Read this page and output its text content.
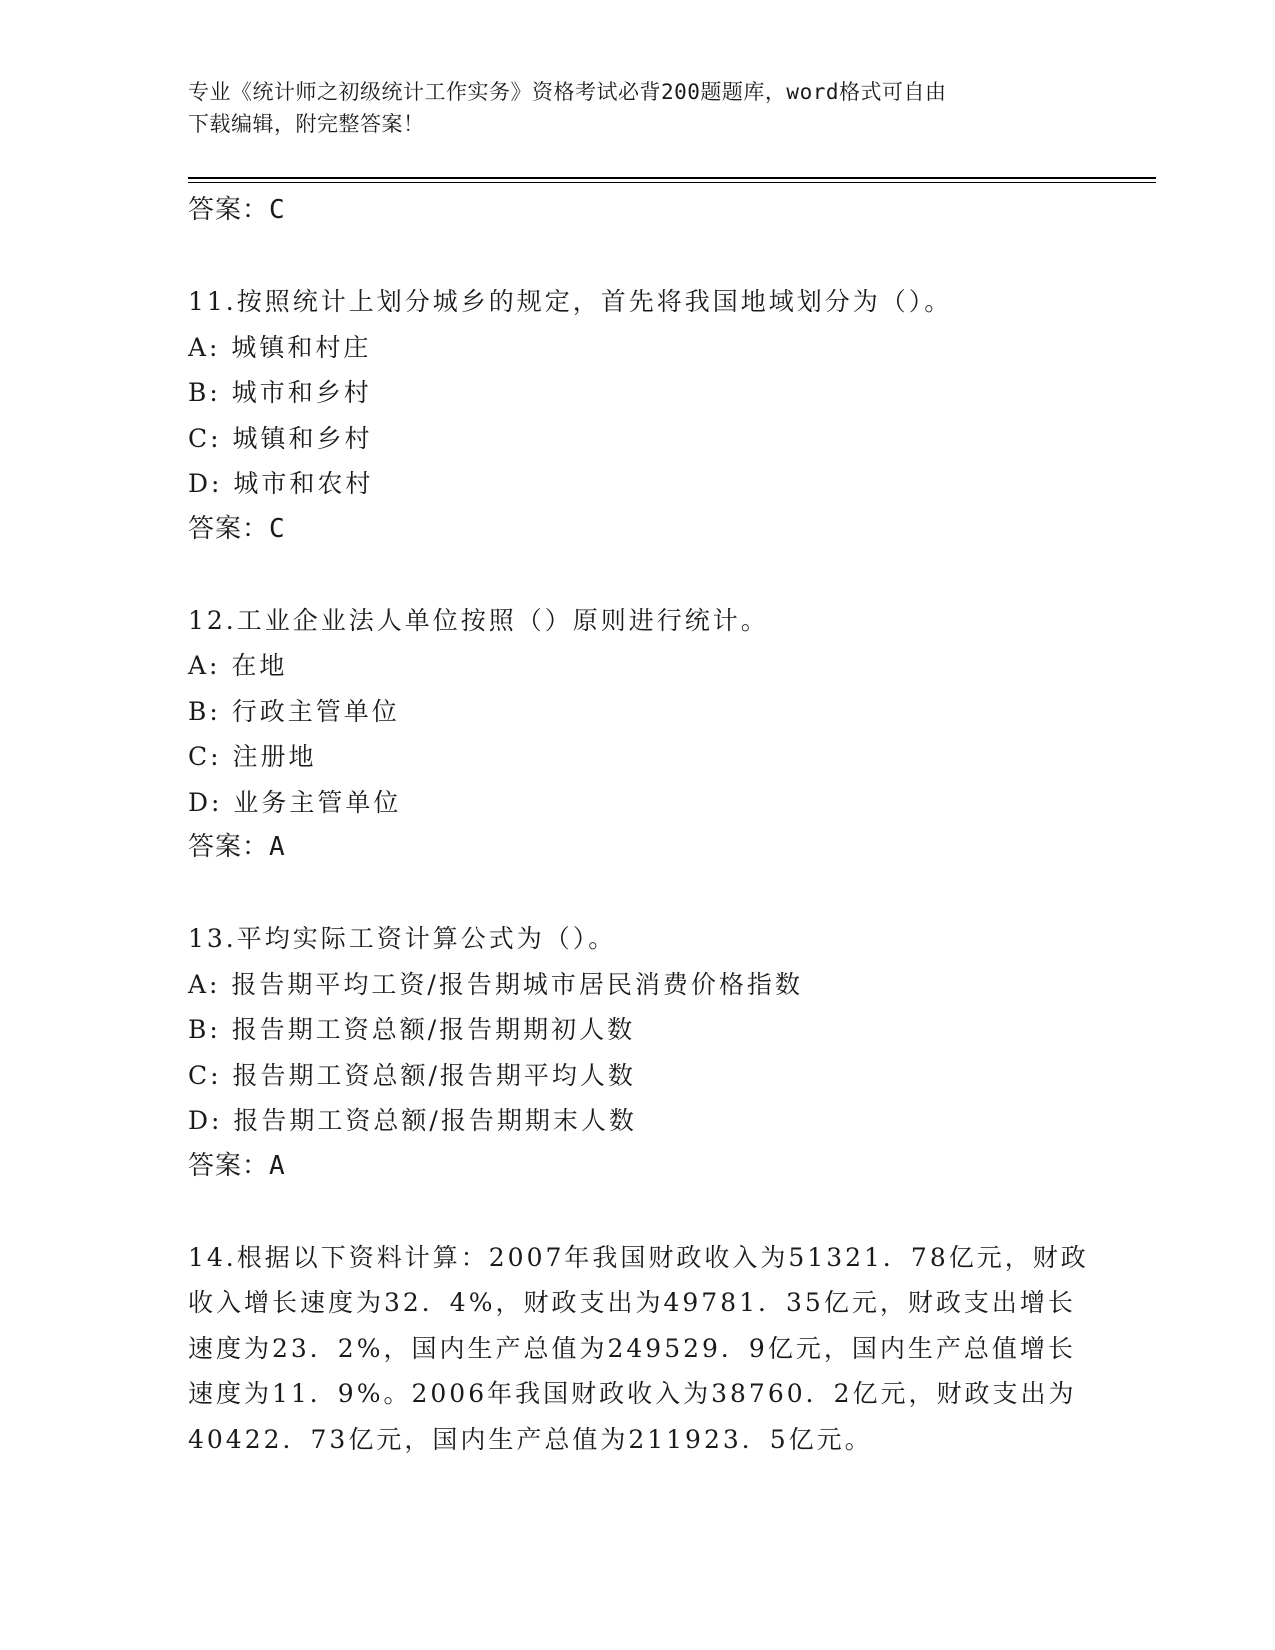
专业《统计师之初级统计工作实务》资格考试必背200题题库，word格式可自由
下载编辑，附完整答案！
答案：C
11.按照统计上划分城乡的规定，首先将我国地域划分为（）。
A: 城镇和村庄
B: 城市和乡村
C: 城镇和乡村
D: 城市和农村
答案：C
12.工业企业法人单位按照（）原则进行统计。
A: 在地
B: 行政主管单位
C: 注册地
D: 业务主管单位
答案：A
13.平均实际工资计算公式为（）。
A: 报告期平均工资/报告期城市居民消费价格指数
B: 报告期工资总额/报告期期初人数
C: 报告期工资总额/报告期平均人数
D: 报告期工资总额/报告期期末人数
答案：A
14.根据以下资料计算：2007年我国财政收入为51321．78亿元，财政
收入增长速度为32．4%，财政支出为49781．35亿元，财政支出增长
速度为23．2%，国内生产总值为249529．9亿元，国内生产总值增长
速度为11．9%。2006年我国财政收入为38760．2亿元，财政支出为
40422．73亿元，国内生产总值为211923．5亿元。
